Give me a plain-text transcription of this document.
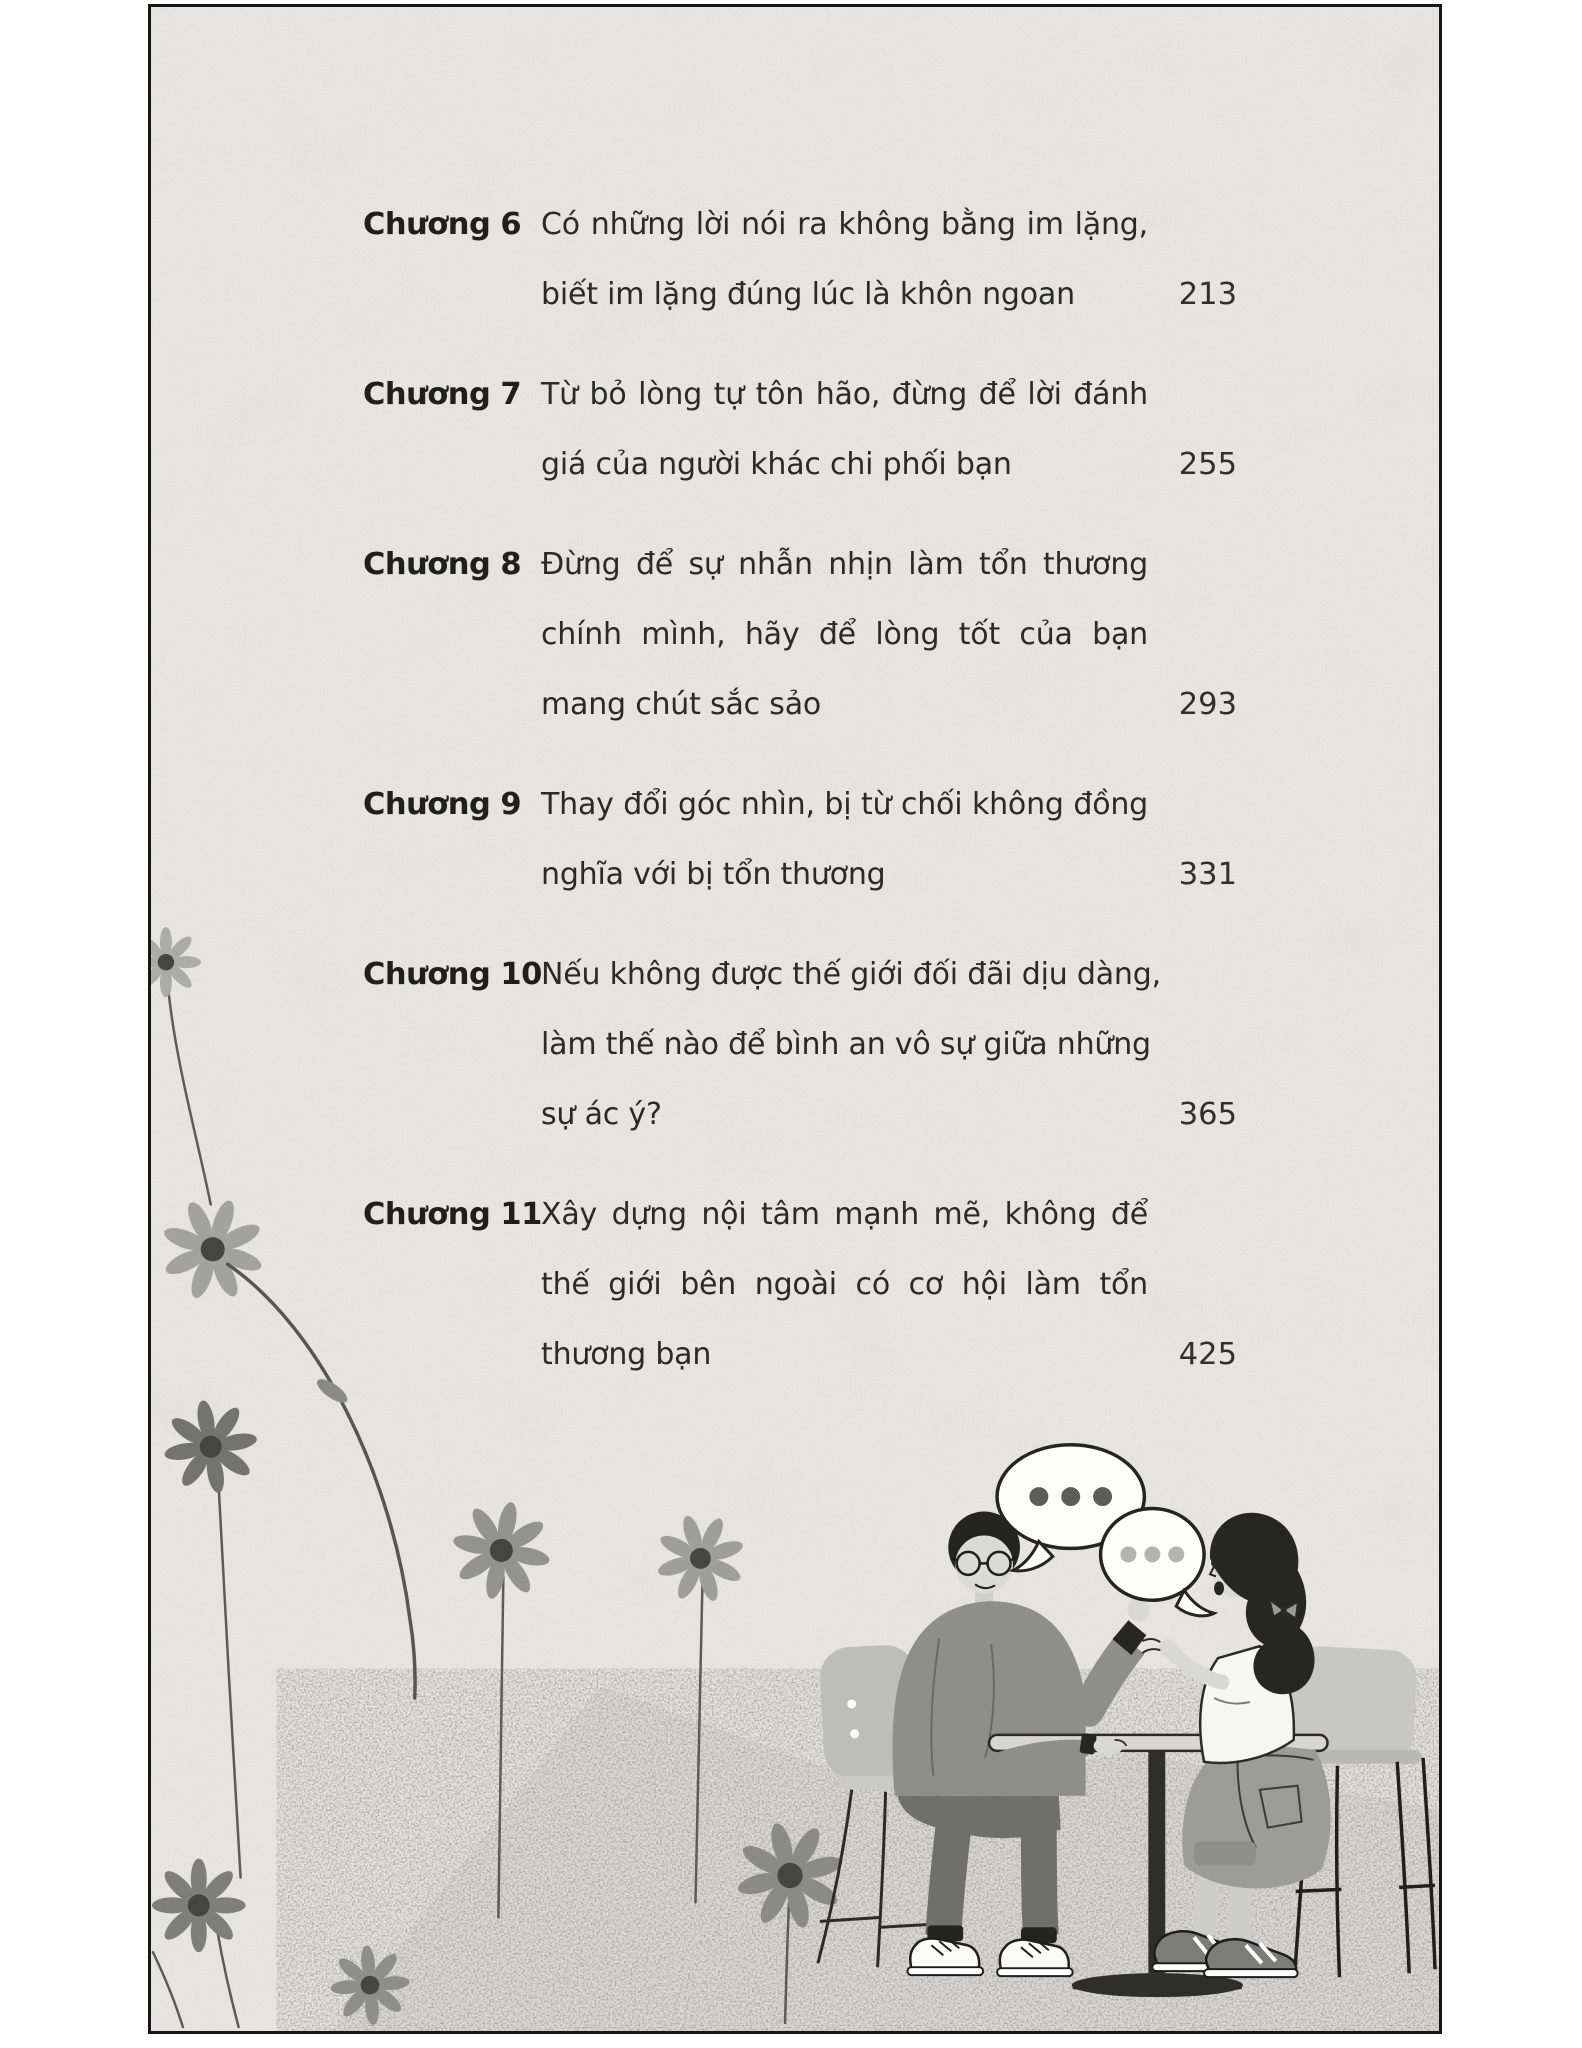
Chương 6 Có những lời nói ra không bằng im lặng,
biết im lặng đúng lúc là khôn ngoan	213
Chương 7 Từ bỏ lòng tự tôn hão, đừng để lời đánh
giá của người khác chi phối bạn	255
Chương 8 Đừng để sự nhẫn nhịn làm tổn thương
chính mình, hãy để lòng tốt của bạn
mang chút sắc sảo	293
Chương 9 Thay đổi góc nhìn, bị từ chối không đồng
nghĩa với bị tổn thương	331
Chương 10 Nếu không được thế giới đối đãi dịu dàng,
làm thế nào để bình an vô sự giữa những
sự ác ý?	365
Chương 11 Xây dựng nội tâm mạnh mẽ, không để
thế giới bên ngoài có cơ hội làm tổn
thương bạn	425
